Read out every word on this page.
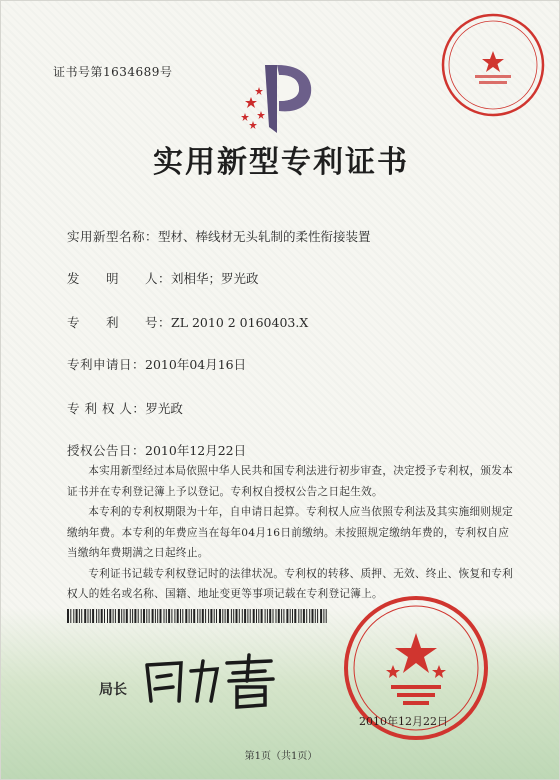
证书号第1634689号
实用新型专利证书
实用新型名称：型材、棒线材无头轧制的柔性衔接装置
发　　明　　人：刘相华；罗光政
专　　利　　号：ZL 2010 2 0160403.X
专利申请日：2010年04月16日
专 利 权 人：罗光政
授权公告日：2010年12月22日

本实用新型经过本局依照中华人民共和国专利法进行初步审查，决定授予专利权，颁发本证书并在专利登记簿上予以登记。专利权自授权公告之日起生效。

本专利的专利权期限为十年，自申请日起算。专利权人应当依照专利法及其实施细则规定缴纳年费。本专利的年费应当在每年04月16日前缴纳。未按照规定缴纳年费的，专利权自应当缴纳年费期满之日起终止。

专利证书记载专利权登记时的法律状况。专利权的转移、质押、无效、终止、恢复和专利权人的姓名或名称、国籍、地址变更等事项记载在专利登记簿上。

局长
2010年12月22日
第1页（共1页）
